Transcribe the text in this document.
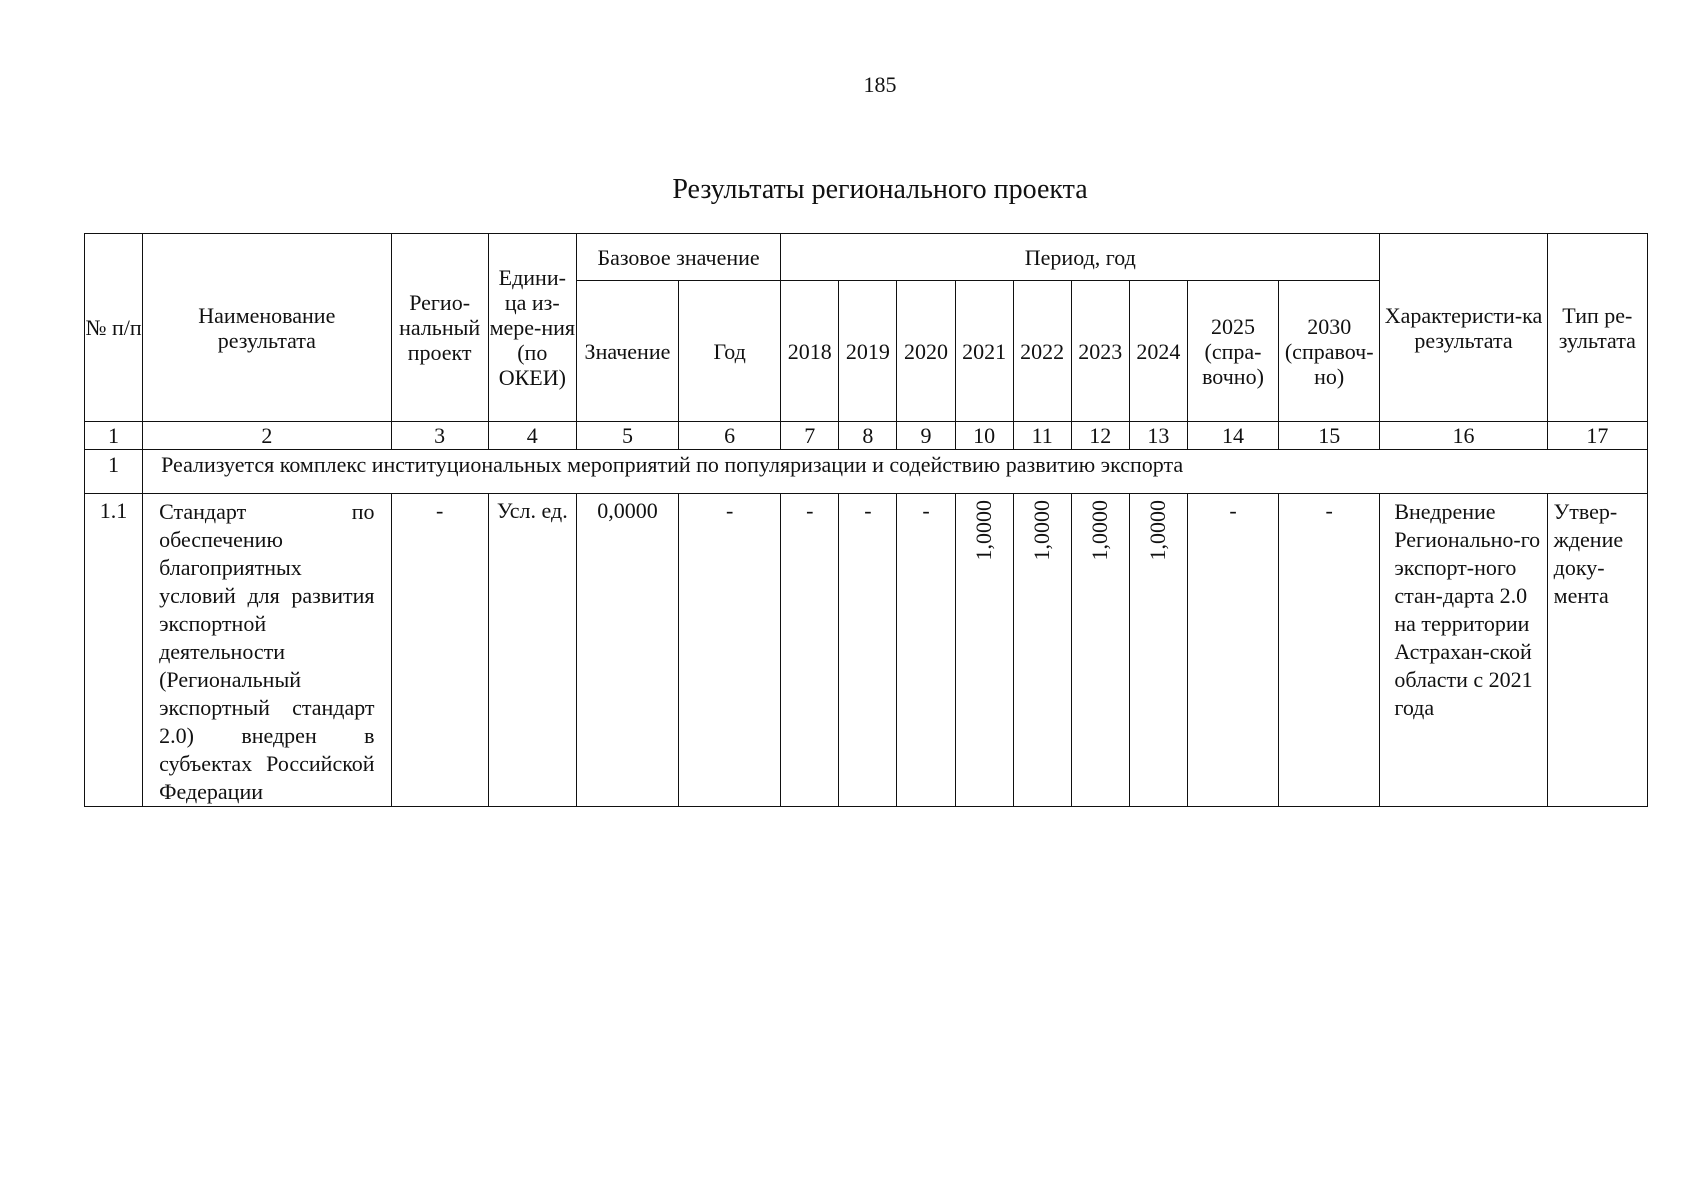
185
Результаты регионального проекта
№ п/п	Наименование результата	Регио-нальный проект	Едини-ца из-мере-ния (по ОКЕИ)	Базовое значение		Период, год									Характеристи-ка результата	Тип ре-зультата
				Значение	Год	2018	2019	2020	2021	2022	2023	2024	2025 (спра-вочно)	2030 (справоч-но)		
1	2	3	4	5	6	7	8	9	10	11	12	13	14	15	16	17
1	Реализуется комплекс институциональных мероприятий по популяризации и содействию развитию экспорта															
1.1	Стандарт по обеспечению благоприятных условий для развития экспортной деятельности (Региональный экспортный стандарт 2.0) внедрен в субъектах Российской Федерации	-	Усл. ед.	0,0000	-	-	-	-	1,0000	1,0000	1,0000	1,0000	-	-	Внедрение Регионально-го экспорт-ного стан-дарта 2.0 на территории Астрахан-ской области с 2021 года	Утвер-ждение доку-мента
